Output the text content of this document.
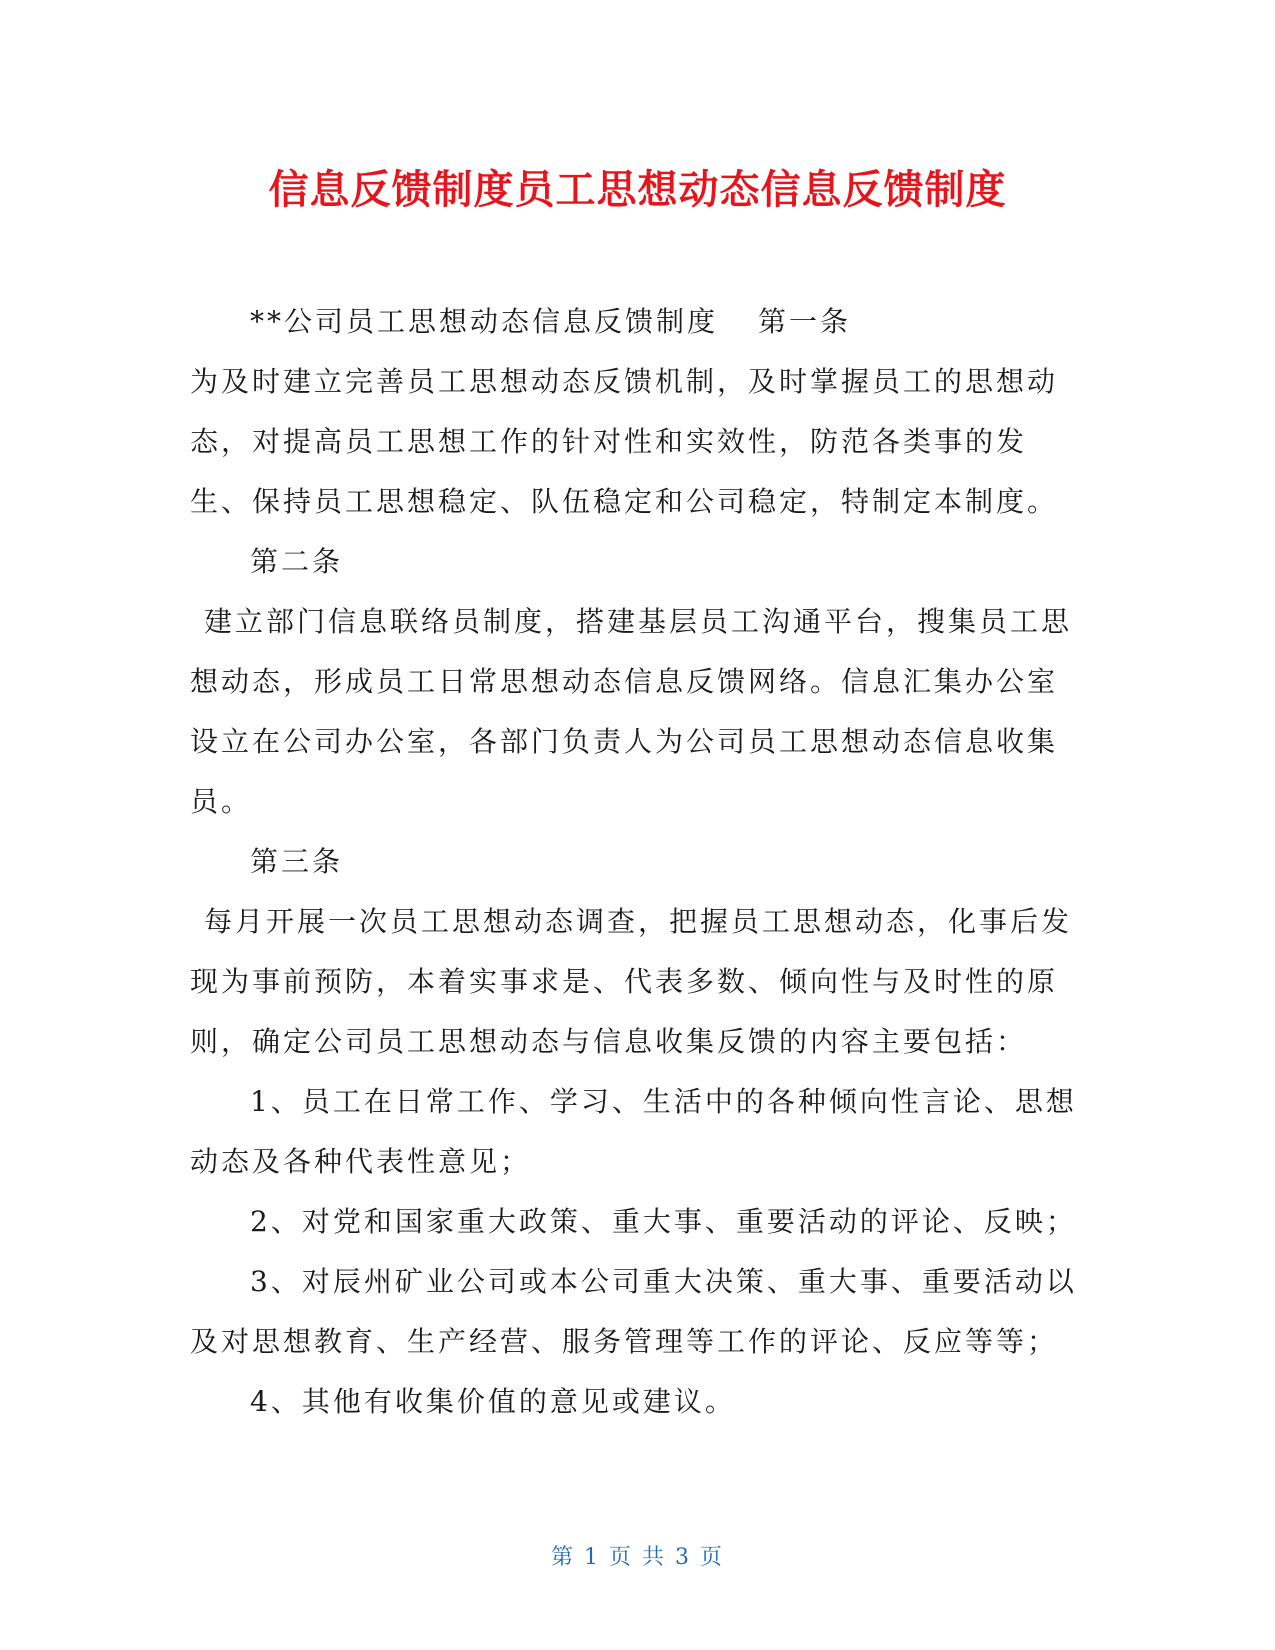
信息反馈制度员工思想动态信息反馈制度

**公司员工思想动态信息反馈制度 第一条

为及时建立完善员工思想动态反馈机制，及时掌握员工的思想动态，对提高员工思想工作的针对性和实效性，防范各类事的发生、保持员工思想稳定、队伍稳定和公司稳定，特制定本制度。

第二条

建立部门信息联络员制度，搭建基层员工沟通平台，搜集员工思想动态，形成员工日常思想动态信息反馈网络。信息汇集办公室设立在公司办公室，各部门负责人为公司员工思想动态信息收集员。

第三条

每月开展一次员工思想动态调查，把握员工思想动态，化事后发现为事前预防，本着实事求是、代表多数、倾向性与及时性的原则，确定公司员工思想动态与信息收集反馈的内容主要包括：

1、员工在日常工作、学习、生活中的各种倾向性言论、思想动态及各种代表性意见；

2、对党和国家重大政策、重大事、重要活动的评论、反映；

3、对辰州矿业公司或本公司重大决策、重大事、重要活动以及对思想教育、生产经营、服务管理等工作的评论、反应等等；

4、其他有收集价值的意见或建议。

第 1 页 共 3 页
